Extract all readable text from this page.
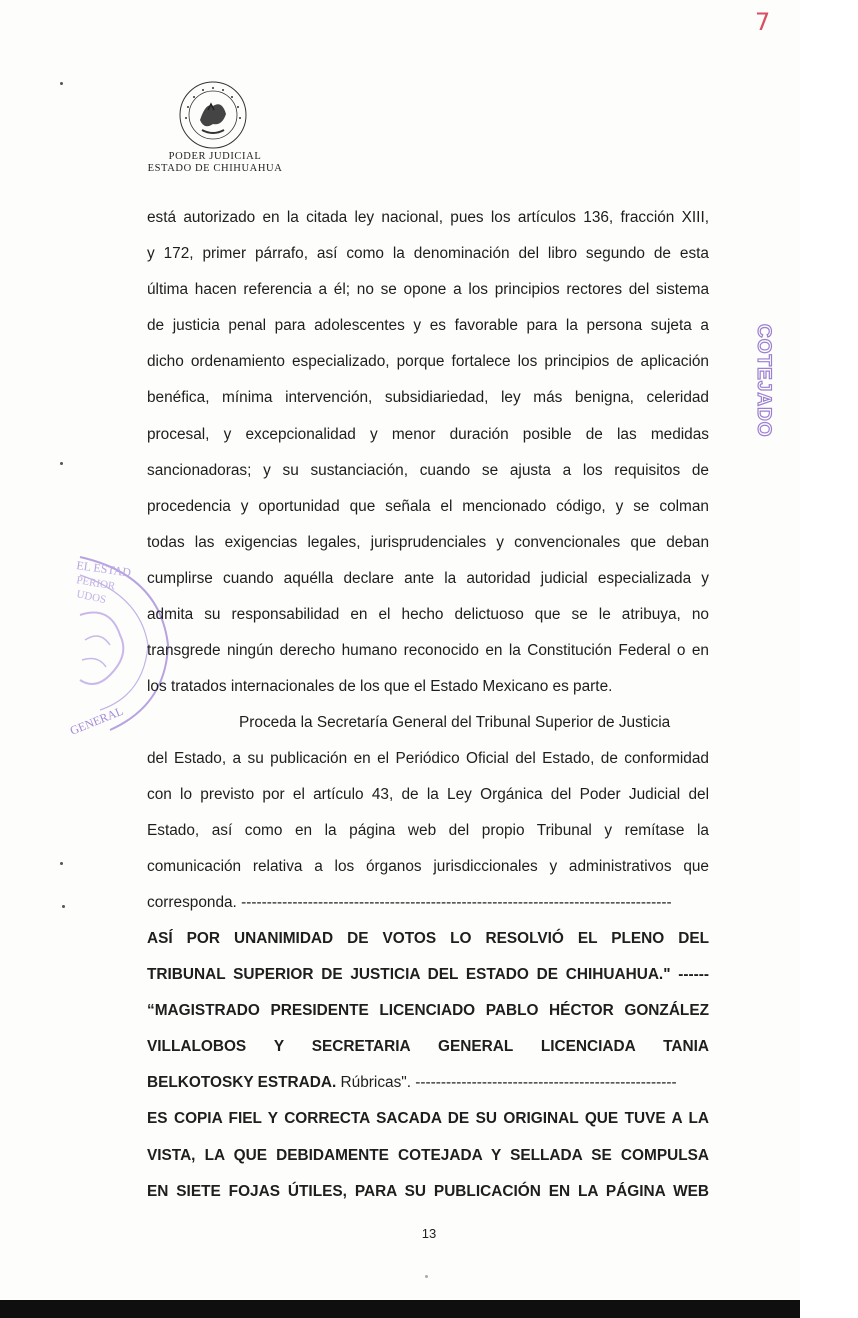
PODER JUDICIAL
ESTADO DE CHIHUAHUA
7
COTEJADO
EL ESTAD
PERIOR
UDOS
GENERAL
está autorizado en la citada ley nacional, pues los artículos 136, fracción XIII,
y 172, primer párrafo, así como la denominación del libro segundo de esta
última hacen referencia a él; no se opone a los principios rectores del sistema
de justicia penal para adolescentes y es favorable para la persona sujeta a
dicho ordenamiento especializado, porque fortalece los principios de aplicación
benéfica, mínima intervención, subsidiariedad, ley más benigna, celeridad
procesal, y excepcionalidad y menor duración posible de las medidas
sancionadoras; y su sustanciación, cuando se ajusta a los requisitos de
procedencia y oportunidad que señala el mencionado código, y se colman
todas las exigencias legales, jurisprudenciales y convencionales que deban
cumplirse cuando aquélla declare ante la autoridad judicial especializada y
admita su responsabilidad en el hecho delictuoso que se le atribuya, no
transgrede ningún derecho humano reconocido en la Constitución Federal o en
los tratados internacionales de los que el Estado Mexicano es parte.
Proceda la Secretaría General del Tribunal Superior de Justicia
del Estado, a su publicación en el Periódico Oficial del Estado, de conformidad
con lo previsto por el artículo 43, de la Ley Orgánica del Poder Judicial del
Estado, así como en la página web del propio Tribunal y remítase la
comunicación relativa a los órganos jurisdiccionales y administrativos que
corresponda. ------------------------------------------------------------------------------------
ASÍ POR UNANIMIDAD DE VOTOS LO RESOLVIÓ EL PLENO DEL
TRIBUNAL SUPERIOR DE JUSTICIA DEL ESTADO DE CHIHUAHUA." ------
“MAGISTRADO PRESIDENTE LICENCIADO PABLO HÉCTOR GONZÁLEZ
VILLALOBOS Y SECRETARIA GENERAL LICENCIADA TANIA
BELKOTOSKY ESTRADA. Rúbricas". ---------------------------------------------------
ES COPIA FIEL Y CORRECTA SACADA DE SU ORIGINAL QUE TUVE A LA
VISTA, LA QUE DEBIDAMENTE COTEJADA Y SELLADA SE COMPULSA
EN SIETE FOJAS ÚTILES, PARA SU PUBLICACIÓN EN LA PÁGINA WEB
13
